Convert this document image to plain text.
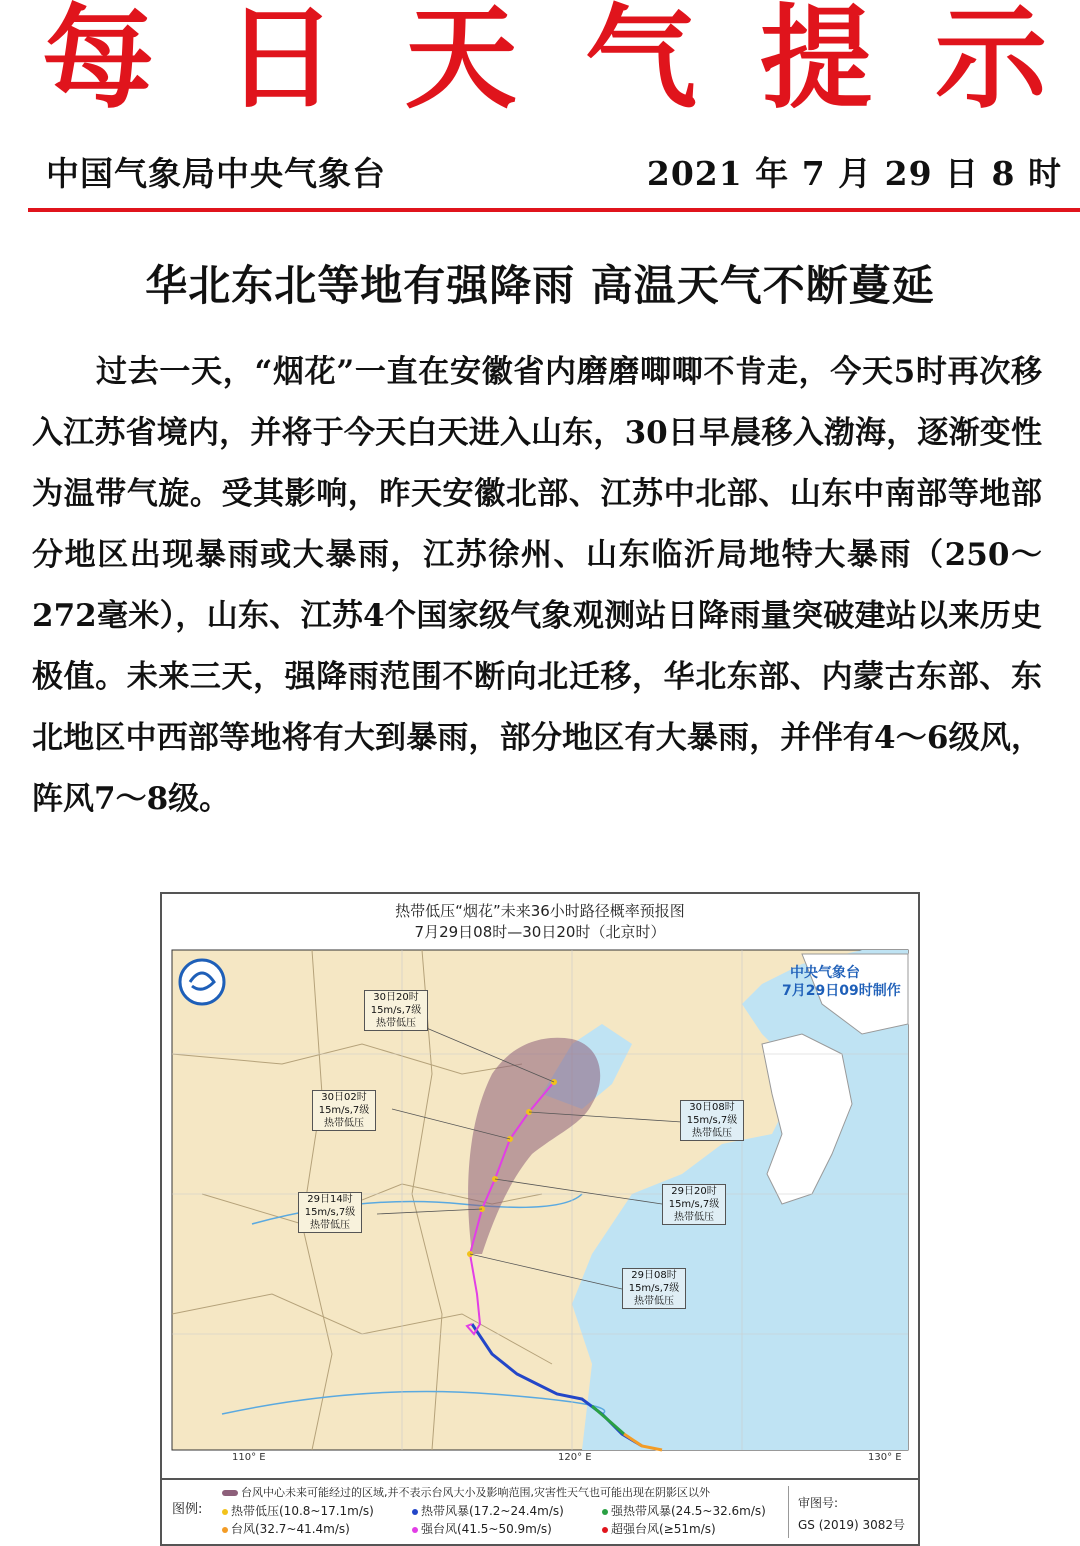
每 日 天 气 提 示
中国气象局中央气象台	2021 年 7 月 29 日 8 时
华北东北等地有强降雨 高温天气不断蔓延
过去一天，“烟花”一直在安徽省内磨磨唧唧不肯走，今天5时再次移入江苏省境内，并将于今天白天进入山东，30日早晨移入渤海，逐渐变性为温带气旋。受其影响，昨天安徽北部、江苏中北部、山东中南部等地部分地区出现暴雨或大暴雨，江苏徐州、山东临沂局地特大暴雨（250～272毫米），山东、江苏4个国家级气象观测站日降雨量突破建站以来历史极值。未来三天，强降雨范围不断向北迁移，华北东部、内蒙古东部、东北地区中西部等地将有大到暴雨，部分地区有大暴雨，并伴有4～6级风，阵风7～8级。
热带低压“烟花”未来36小时路径概率预报图
7月29日08时—30日20时（北京时）
中央气象台
7月29日09时制作
30日20时
15m/s,7级
热带低压
30日02时
15m/s,7级
热带低压
30日08时
15m/s,7级
热带低压
29日14时
15m/s,7级
热带低压
29日20时
15m/s,7级
热带低压
29日08时
15m/s,7级
热带低压
110° E	120° E	130° E
图例:
台风中心未来可能经过的区域,并不表示台风大小及影响范围,灾害性天气也可能出现在阴影区以外
热带低压(10.8~17.1m/s)	热带风暴(17.2~24.4m/s)	强热带风暴(24.5~32.6m/s)
台风(32.7~41.4m/s)	强台风(41.5~50.9m/s)	超强台风(≥51m/s)
审图号:
GS (2019) 3082号
